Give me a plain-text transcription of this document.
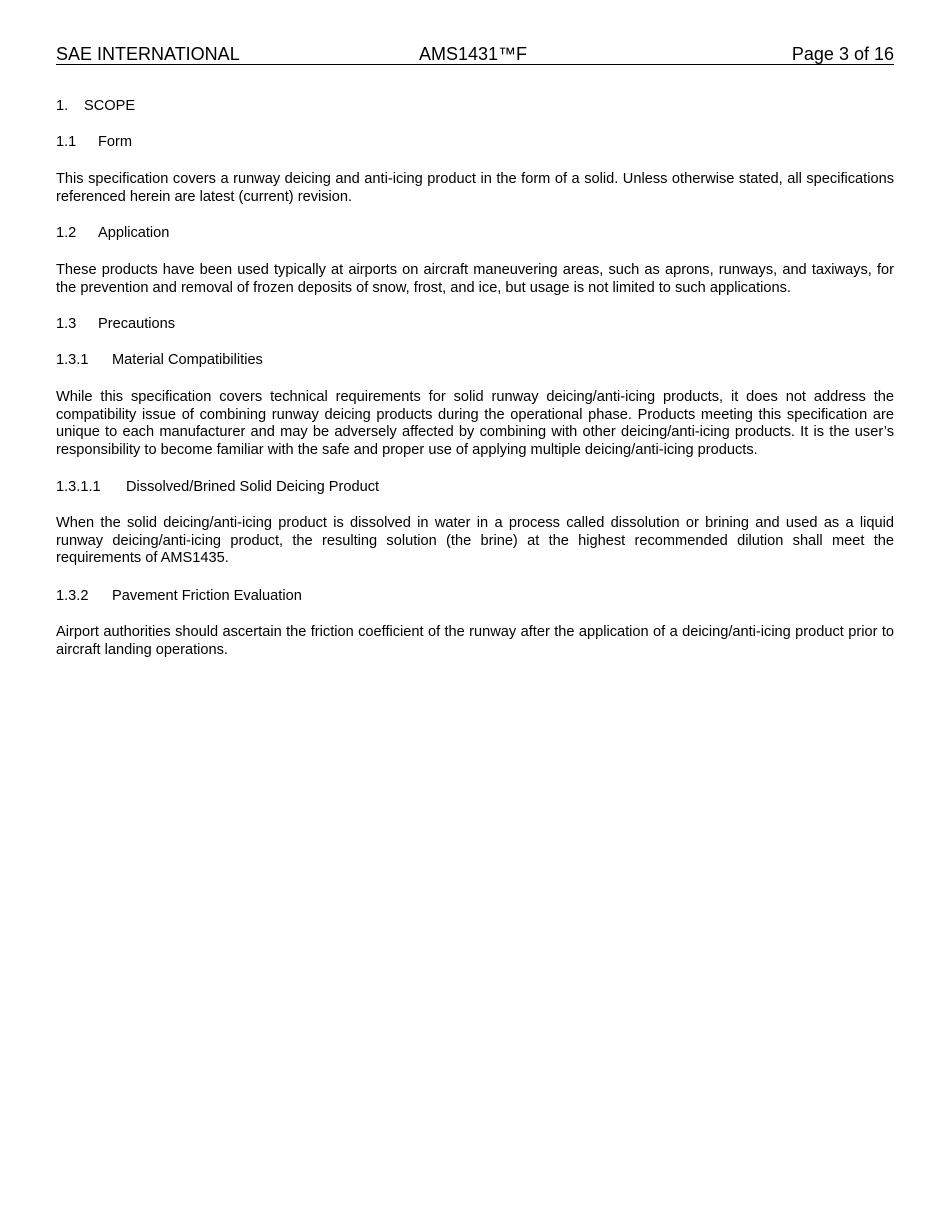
SAE INTERNATIONAL	AMS1431™F	Page 3 of 16
1. SCOPE
1.1 Form
This specification covers a runway deicing and anti-icing product in the form of a solid. Unless otherwise stated, all specifications referenced herein are latest (current) revision.
1.2 Application
These products have been used typically at airports on aircraft maneuvering areas, such as aprons, runways, and taxiways, for the prevention and removal of frozen deposits of snow, frost, and ice, but usage is not limited to such applications.
1.3 Precautions
1.3.1 Material Compatibilities
While this specification covers technical requirements for solid runway deicing/anti-icing products, it does not address the compatibility issue of combining runway deicing products during the operational phase. Products meeting this specification are unique to each manufacturer and may be adversely affected by combining with other deicing/anti-icing products. It is the user’s responsibility to become familiar with the safe and proper use of applying multiple deicing/anti-icing products.
1.3.1.1 Dissolved/Brined Solid Deicing Product
When the solid deicing/anti-icing product is dissolved in water in a process called dissolution or brining and used as a liquid runway deicing/anti-icing product, the resulting solution (the brine) at the highest recommended dilution shall meet the requirements of AMS1435.
1.3.2 Pavement Friction Evaluation
Airport authorities should ascertain the friction coefficient of the runway after the application of a deicing/anti-icing product prior to aircraft landing operations.
